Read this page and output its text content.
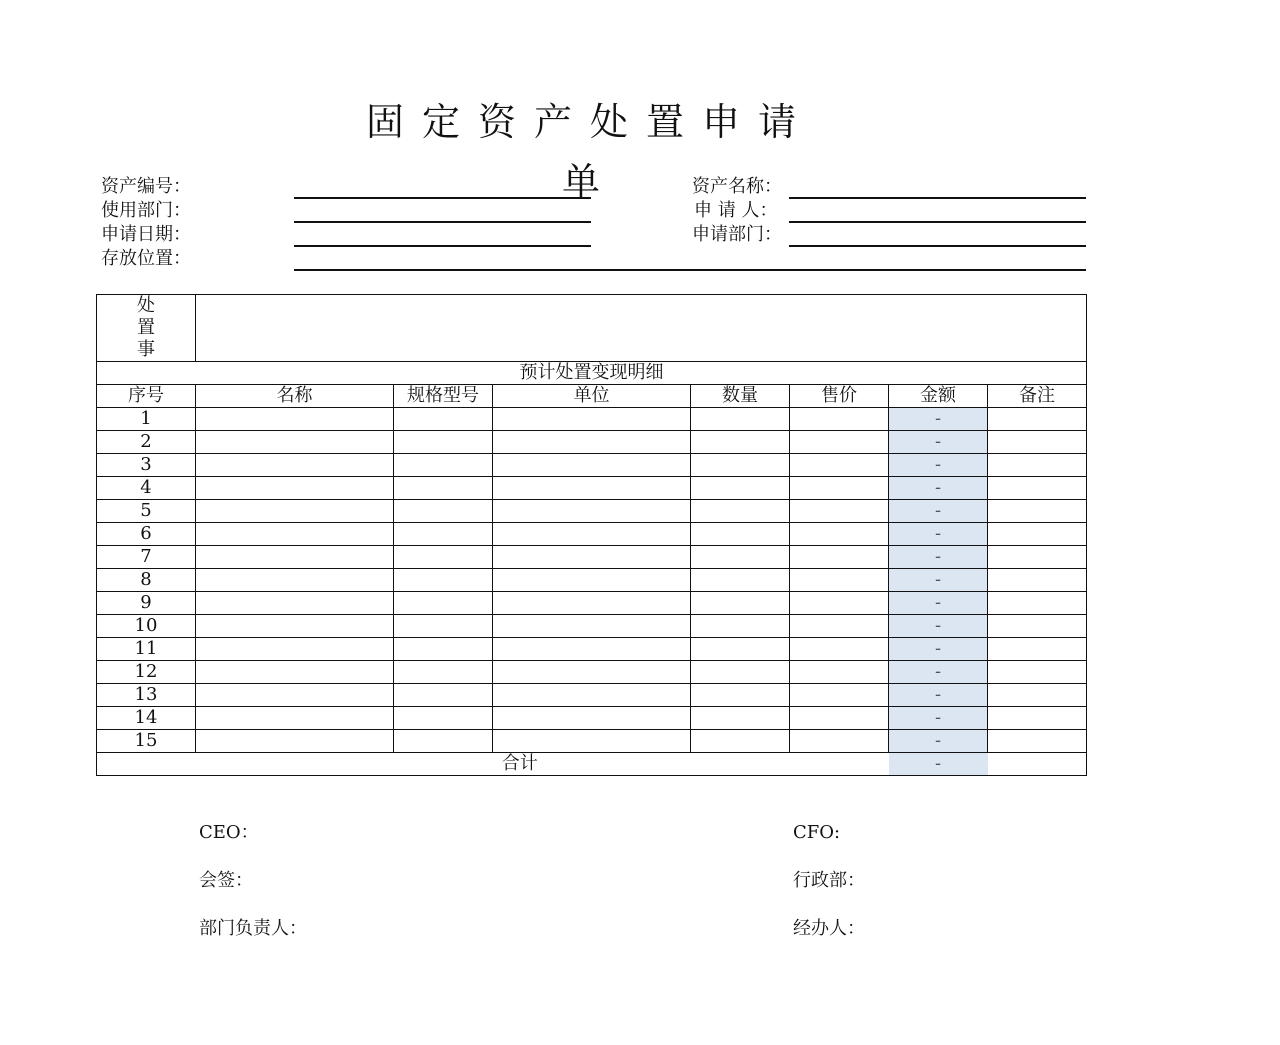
固定资产处置申请单
资产编号：
使用部门：
申请日期：
存放位置：
资产名称：
申 请 人：
申请部门：
处
置
事							

预计处置变现明细							
序号	名称	规格型号	单位	数量	售价	金额	备注
1						-	
2						-	
3						-	
4						-	
5						-	
6						-	
7						-	
8						-	
9						-	
10						-	
11						-	
12						-	
13						-	
14						-	
15						-	
合计						-	
CEO：
会签：
部门负责人：
CFO:
行政部：
经办人：
